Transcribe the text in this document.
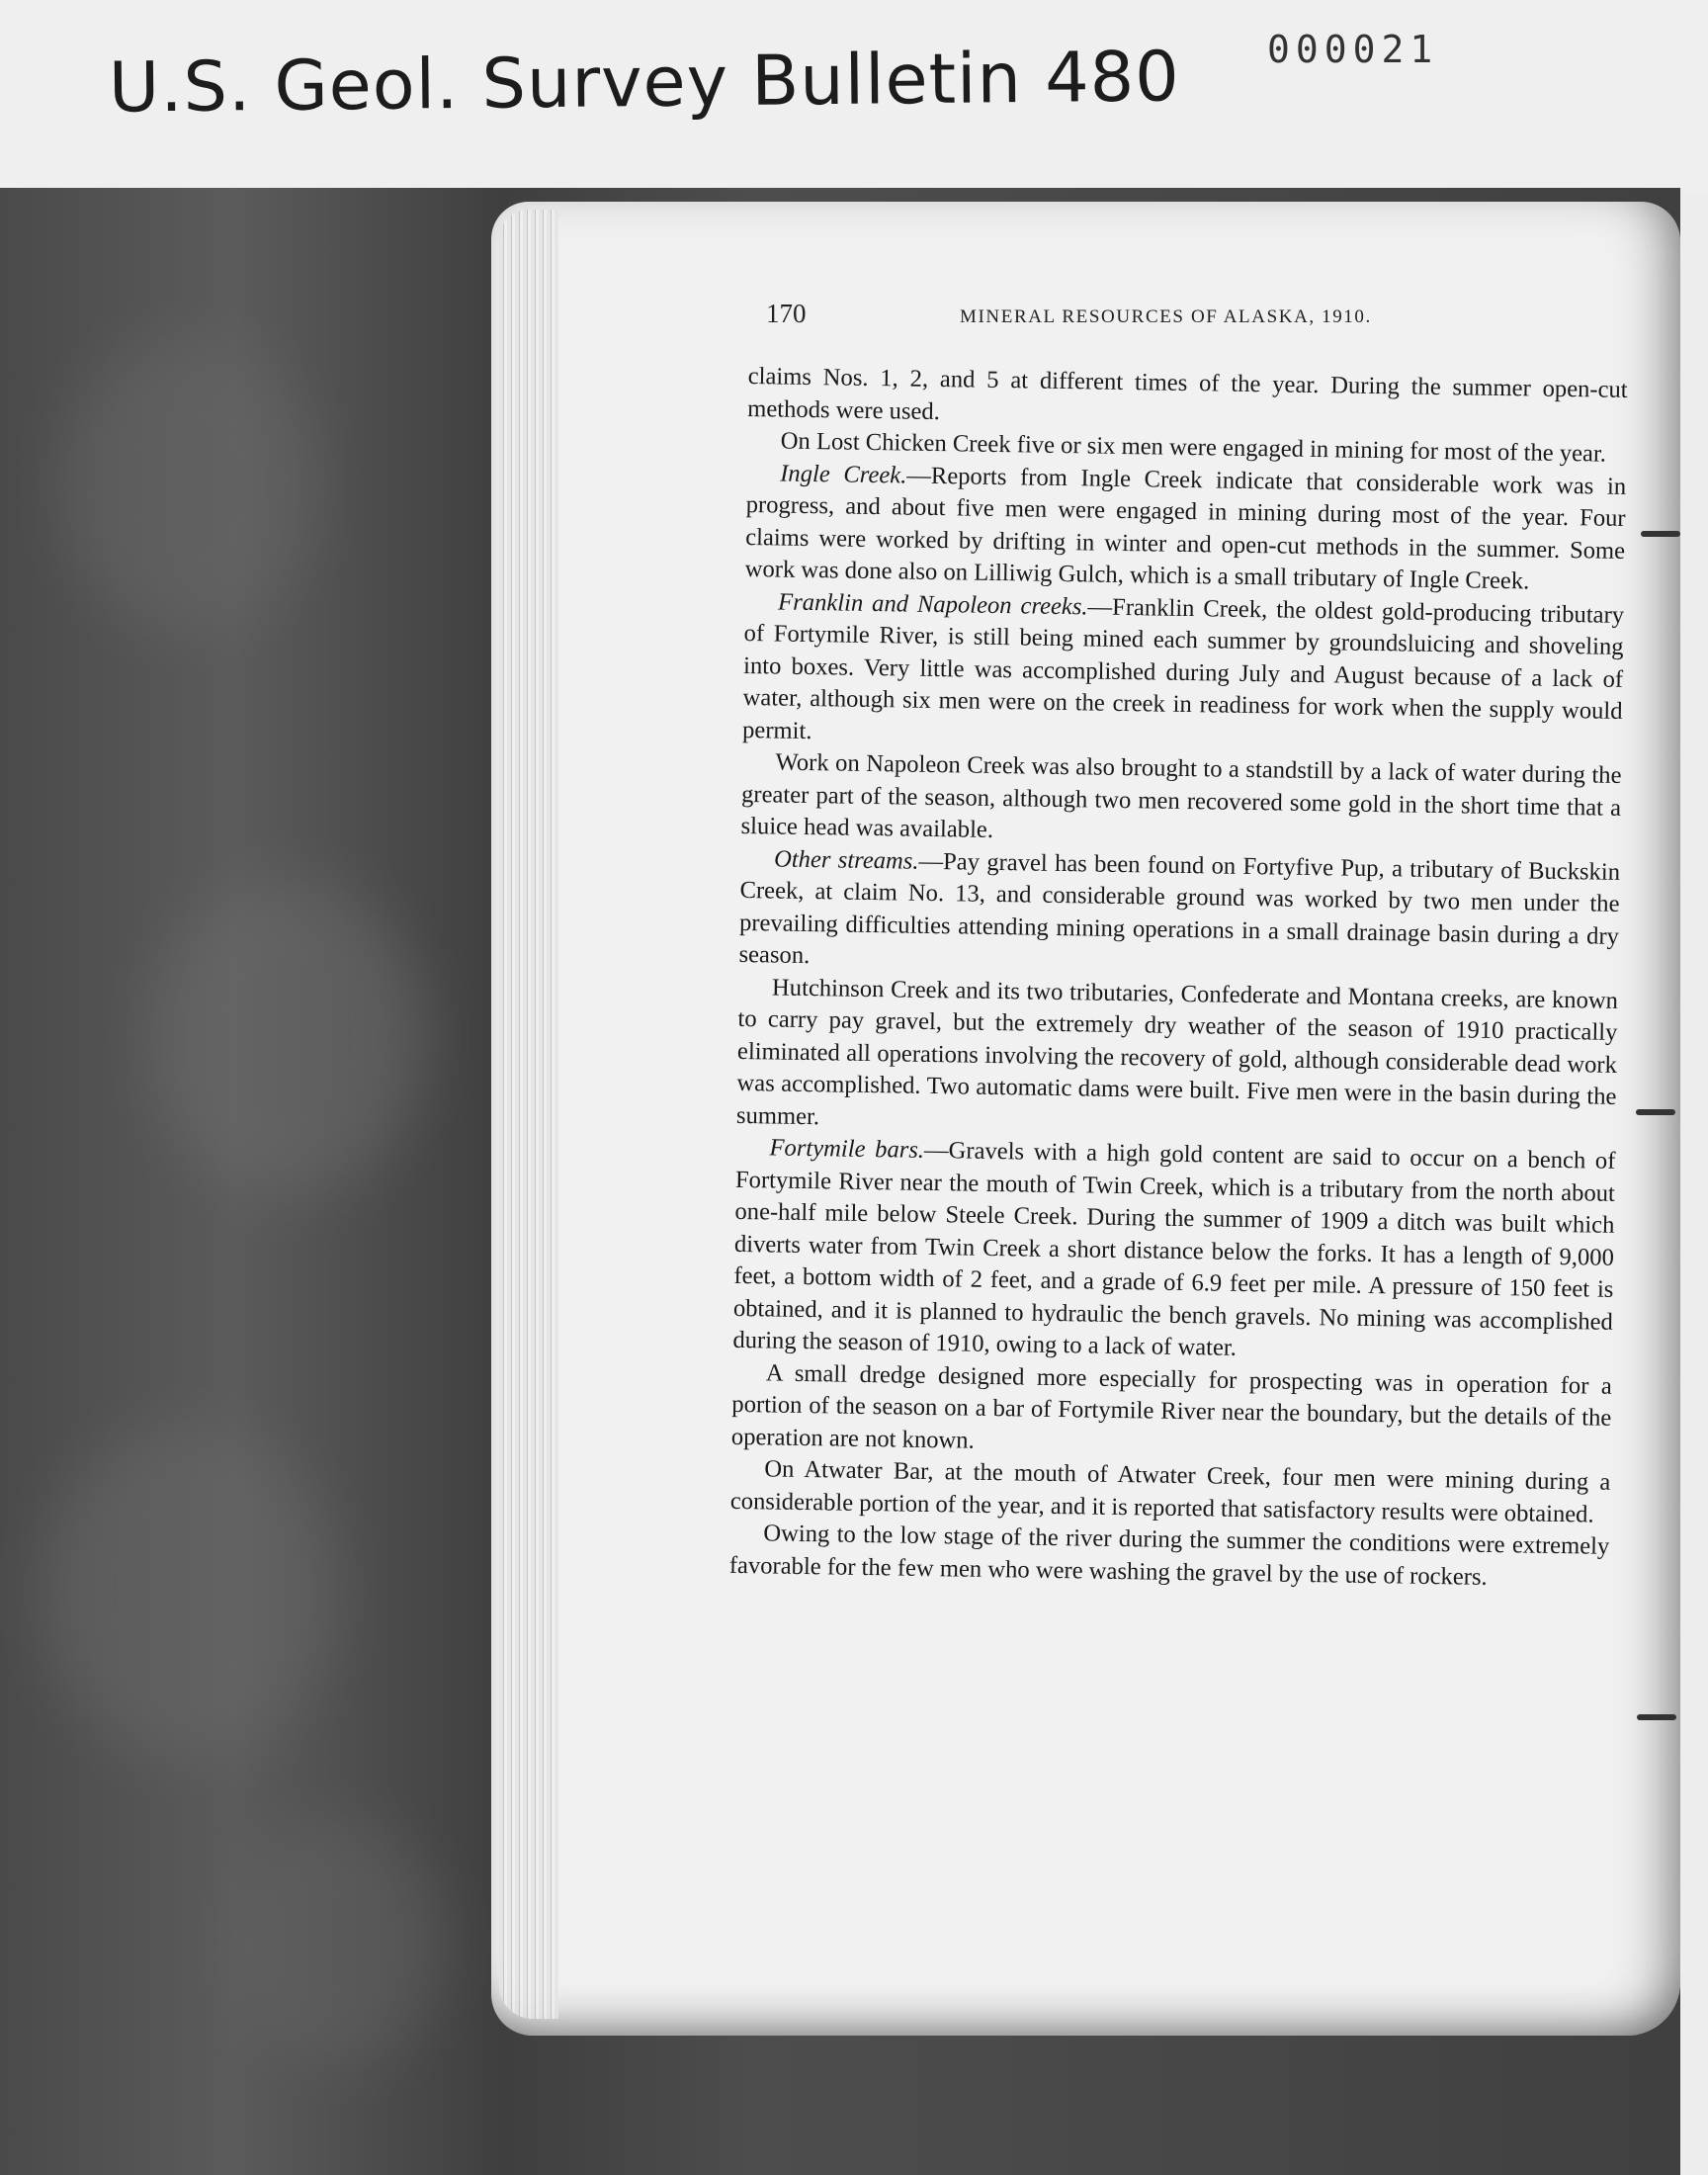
U.S. Geol. Survey Bulletin 480 000021
170	MINERAL RESOURCES OF ALASKA, 1910.

claims Nos. 1, 2, and 5 at different times of the year. During the summer open-cut methods were used.

On Lost Chicken Creek five or six men were engaged in mining for most of the year.

Ingle Creek.—Reports from Ingle Creek indicate that considerable work was in progress, and about five men were engaged in mining during most of the year. Four claims were worked by drifting in winter and open-cut methods in the summer. Some work was done also on Lilliwig Gulch, which is a small tributary of Ingle Creek.

Franklin and Napoleon creeks.—Franklin Creek, the oldest gold-producing tributary of Fortymile River, is still being mined each summer by groundsluicing and shoveling into boxes. Very little was accomplished during July and August because of a lack of water, although six men were on the creek in readiness for work when the supply would permit.

Work on Napoleon Creek was also brought to a standstill by a lack of water during the greater part of the season, although two men recovered some gold in the short time that a sluice head was available.

Other streams.—Pay gravel has been found on Fortyfive Pup, a tributary of Buckskin Creek, at claim No. 13, and considerable ground was worked by two men under the prevailing difficulties attending mining operations in a small drainage basin during a dry season.

Hutchinson Creek and its two tributaries, Confederate and Montana creeks, are known to carry pay gravel, but the extremely dry weather of the season of 1910 practically eliminated all operations involving the recovery of gold, although considerable dead work was accomplished. Two automatic dams were built. Five men were in the basin during the summer.

Fortymile bars.—Gravels with a high gold content are said to occur on a bench of Fortymile River near the mouth of Twin Creek, which is a tributary from the north about one-half mile below Steele Creek. During the summer of 1909 a ditch was built which diverts water from Twin Creek a short distance below the forks. It has a length of 9,000 feet, a bottom width of 2 feet, and a grade of 6.9 feet per mile. A pressure of 150 feet is obtained, and it is planned to hydraulic the bench gravels. No mining was accomplished during the season of 1910, owing to a lack of water.

A small dredge designed more especially for prospecting was in operation for a portion of the season on a bar of Fortymile River near the boundary, but the details of the operation are not known.

On Atwater Bar, at the mouth of Atwater Creek, four men were mining during a considerable portion of the year, and it is reported that satisfactory results were obtained.

Owing to the low stage of the river during the summer the conditions were extremely favorable for the few men who were washing the gravel by the use of rockers.
